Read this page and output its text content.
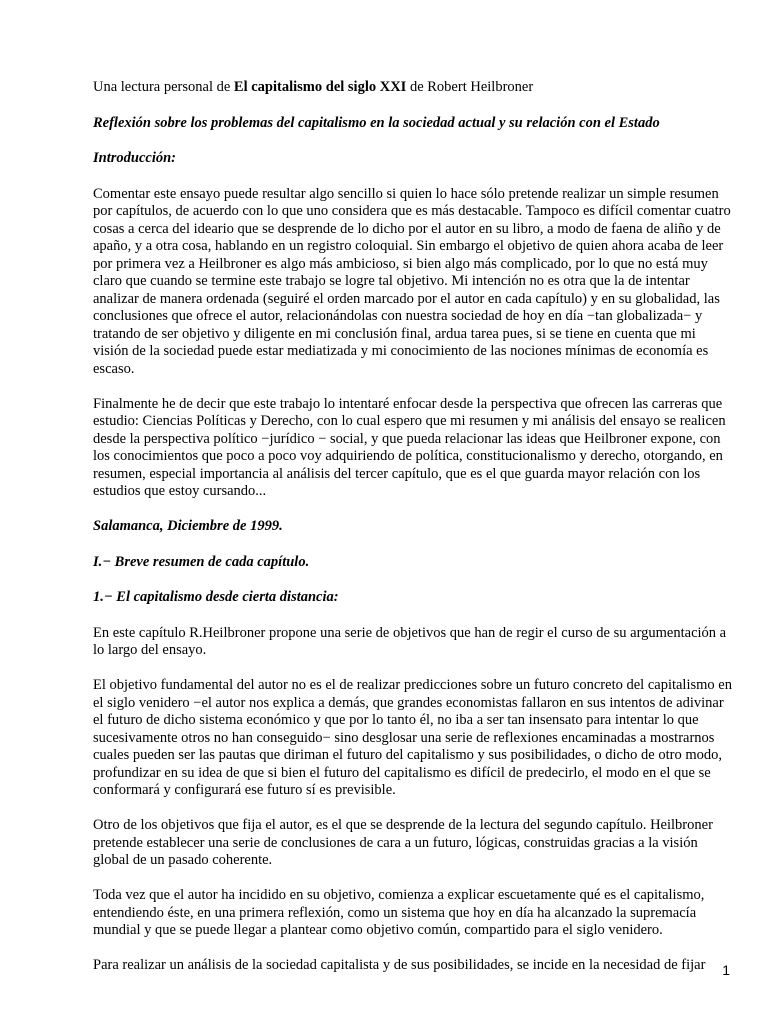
Una lectura personal de El capitalismo del siglo XXI de Robert Heilbroner

Reflexión sobre los problemas del capitalismo en la sociedad actual y su relación con el Estado

Introducción:

Comentar este ensayo puede resultar algo sencillo si quien lo hace sólo pretende realizar un simple resumen por capítulos, de acuerdo con lo que uno considera que es más destacable. Tampoco es difícil comentar cuatro cosas a cerca del ideario que se desprende de lo dicho por el autor en su libro, a modo de faena de aliño y de apaño, y a otra cosa, hablando en un registro coloquial. Sin embargo el objetivo de quien ahora acaba de leer por primera vez a Heilbroner es algo más ambicioso, si bien algo más complicado, por lo que no está muy claro que cuando se termine este trabajo se logre tal objetivo. Mi intención no es otra que la de intentar analizar de manera ordenada (seguiré el orden marcado por el autor en cada capítulo) y en su globalidad, las conclusiones que ofrece el autor, relacionándolas con nuestra sociedad de hoy en día −tan globalizada− y tratando de ser objetivo y diligente en mi conclusión final, ardua tarea pues, si se tiene en cuenta que mi visión de la sociedad puede estar mediatizada y mi conocimiento de las nociones mínimas de economía es escaso.

Finalmente he de decir que este trabajo lo intentaré enfocar desde la perspectiva que ofrecen las carreras que estudio: Ciencias Políticas y Derecho, con lo cual espero que mi resumen y mi análisis del ensayo se realicen desde la perspectiva político −jurídico − social, y que pueda relacionar las ideas que Heilbroner expone, con los conocimientos que poco a poco voy adquiriendo de política, constitucionalismo y derecho, otorgando, en resumen, especial importancia al análisis del tercer capítulo, que es el que guarda mayor relación con los estudios que estoy cursando...

Salamanca, Diciembre de 1999.

I.− Breve resumen de cada capítulo.

1.− El capitalismo desde cierta distancia:

En este capítulo R.Heilbroner propone una serie de objetivos que han de regir el curso de su argumentación a lo largo del ensayo.

El objetivo fundamental del autor no es el de realizar predicciones sobre un futuro concreto del capitalismo en el siglo venidero −el autor nos explica a demás, que grandes economistas fallaron en sus intentos de adivinar el futuro de dicho sistema económico y que por lo tanto él, no iba a ser tan insensato para intentar lo que sucesivamente otros no han conseguido− sino desglosar una serie de reflexiones encaminadas a mostrarnos cuales pueden ser las pautas que diriman el futuro del capitalismo y sus posibilidades, o dicho de otro modo, profundizar en su idea de que si bien el futuro del capitalismo es difícil de predecirlo, el modo en el que se conformará y configurará ese futuro sí es previsible.

Otro de los objetivos que fija el autor, es el que se desprende de la lectura del segundo capítulo. Heilbroner pretende establecer una serie de conclusiones de cara a un futuro, lógicas, construidas gracias a la visión global de un pasado coherente.

Toda vez que el autor ha incidido en su objetivo, comienza a explicar escuetamente qué es el capitalismo, entendiendo éste, en una primera reflexión, como un sistema que hoy en día ha alcanzado la supremacía mundial y que se puede llegar a plantear como objetivo común, compartido para el siglo venidero.

Para realizar un análisis de la sociedad capitalista y de sus posibilidades, se incide en la necesidad de fijar	1
